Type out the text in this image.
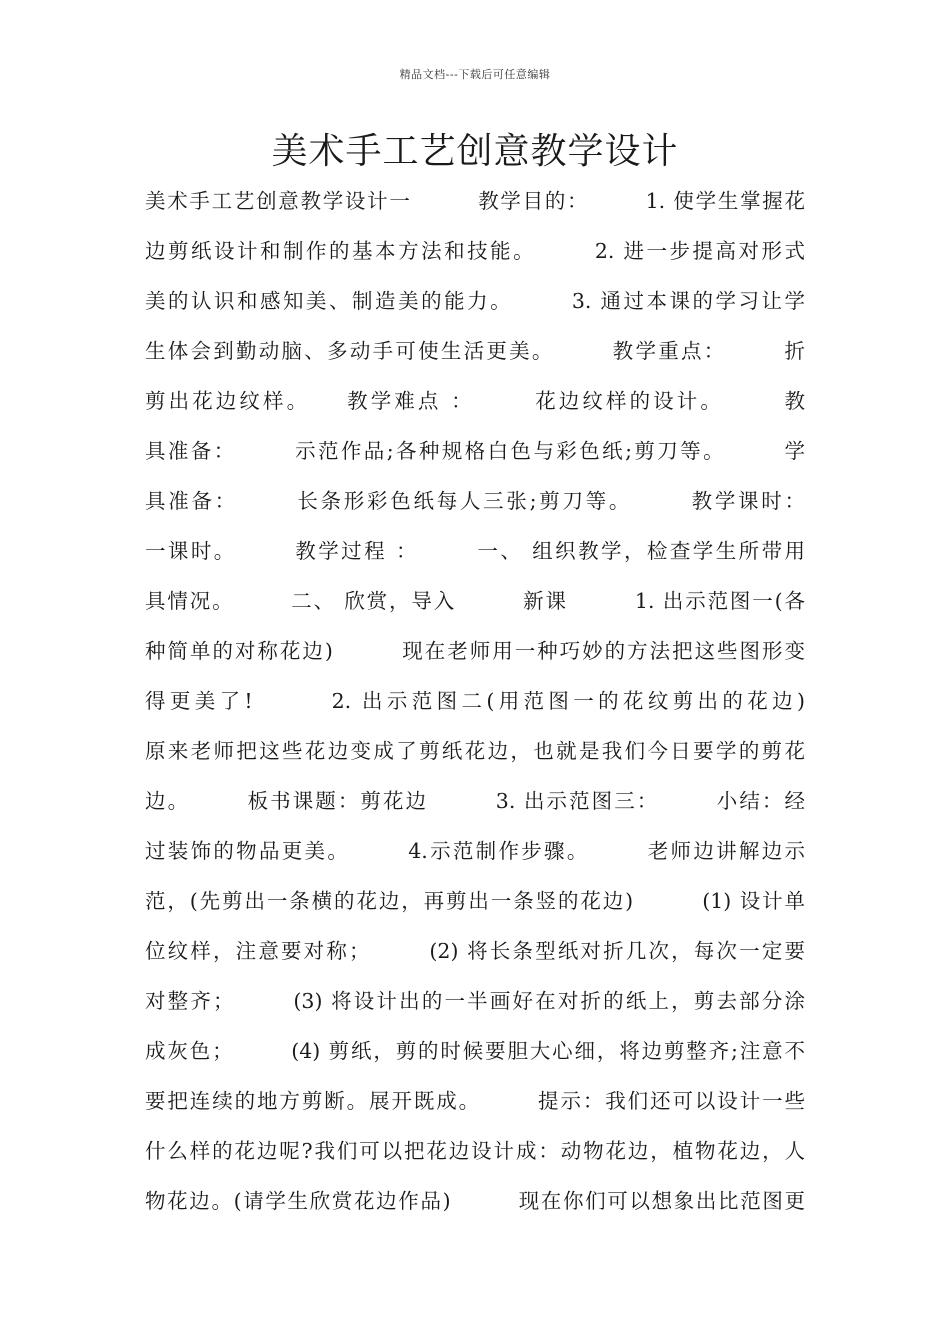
精品文档---下载后可任意编辑
美术手工艺创意教学设计
美术手工艺创意教学设计一　　　教学目的：　　　1. 使学生掌握花
边剪纸设计和制作的基本方法和技能。　　　2. 进一步提高对形式
美的认识和感知美、制造美的能力。　　　3. 通过本课的学习让学
生体会到勤动脑、多动手可使生活更美。　　　教学重点：　　　折
剪出花边纹样。　　教学难点 ：　　　花边纹样的设计。　　　教
具准备：　　　示范作品;各种规格白色与彩色纸;剪刀等。　　　学
具准备：　　　长条形彩色纸每人三张;剪刀等。　　　教学课时：
一课时。　　　教学过程 ：　　　一、 组织教学，检查学生所带用
具情况。　　　二、 欣赏，导入　　　新课　　　1. 出示范图一(各
种简单的对称花边)　　　现在老师用一种巧妙的方法把这些图形变
得更美了!　　　2. 出示范图二(用范图一的花纹剪出的花边)
原来老师把这些花边变成了剪纸花边，也就是我们今日要学的剪花
边。　　　板书课题：剪花边　　　3. 出示范图三：　　　小结：经
过装饰的物品更美。　　　4.示范制作步骤。　　　老师边讲解边示
范，(先剪出一条横的花边，再剪出一条竖的花边)　　　(1) 设计单
位纹样，注意要对称；　　　(2) 将长条型纸对折几次，每次一定要
对整齐；　　　(3) 将设计出的一半画好在对折的纸上，剪去部分涂
成灰色；　　　(4) 剪纸，剪的时候要胆大心细，将边剪整齐;注意不
要把连续的地方剪断。展开既成。　　　提示：我们还可以设计一些
什么样的花边呢?我们可以把花边设计成：动物花边，植物花边，人
物花边。(请学生欣赏花边作品)　　　现在你们可以想象出比范图更
